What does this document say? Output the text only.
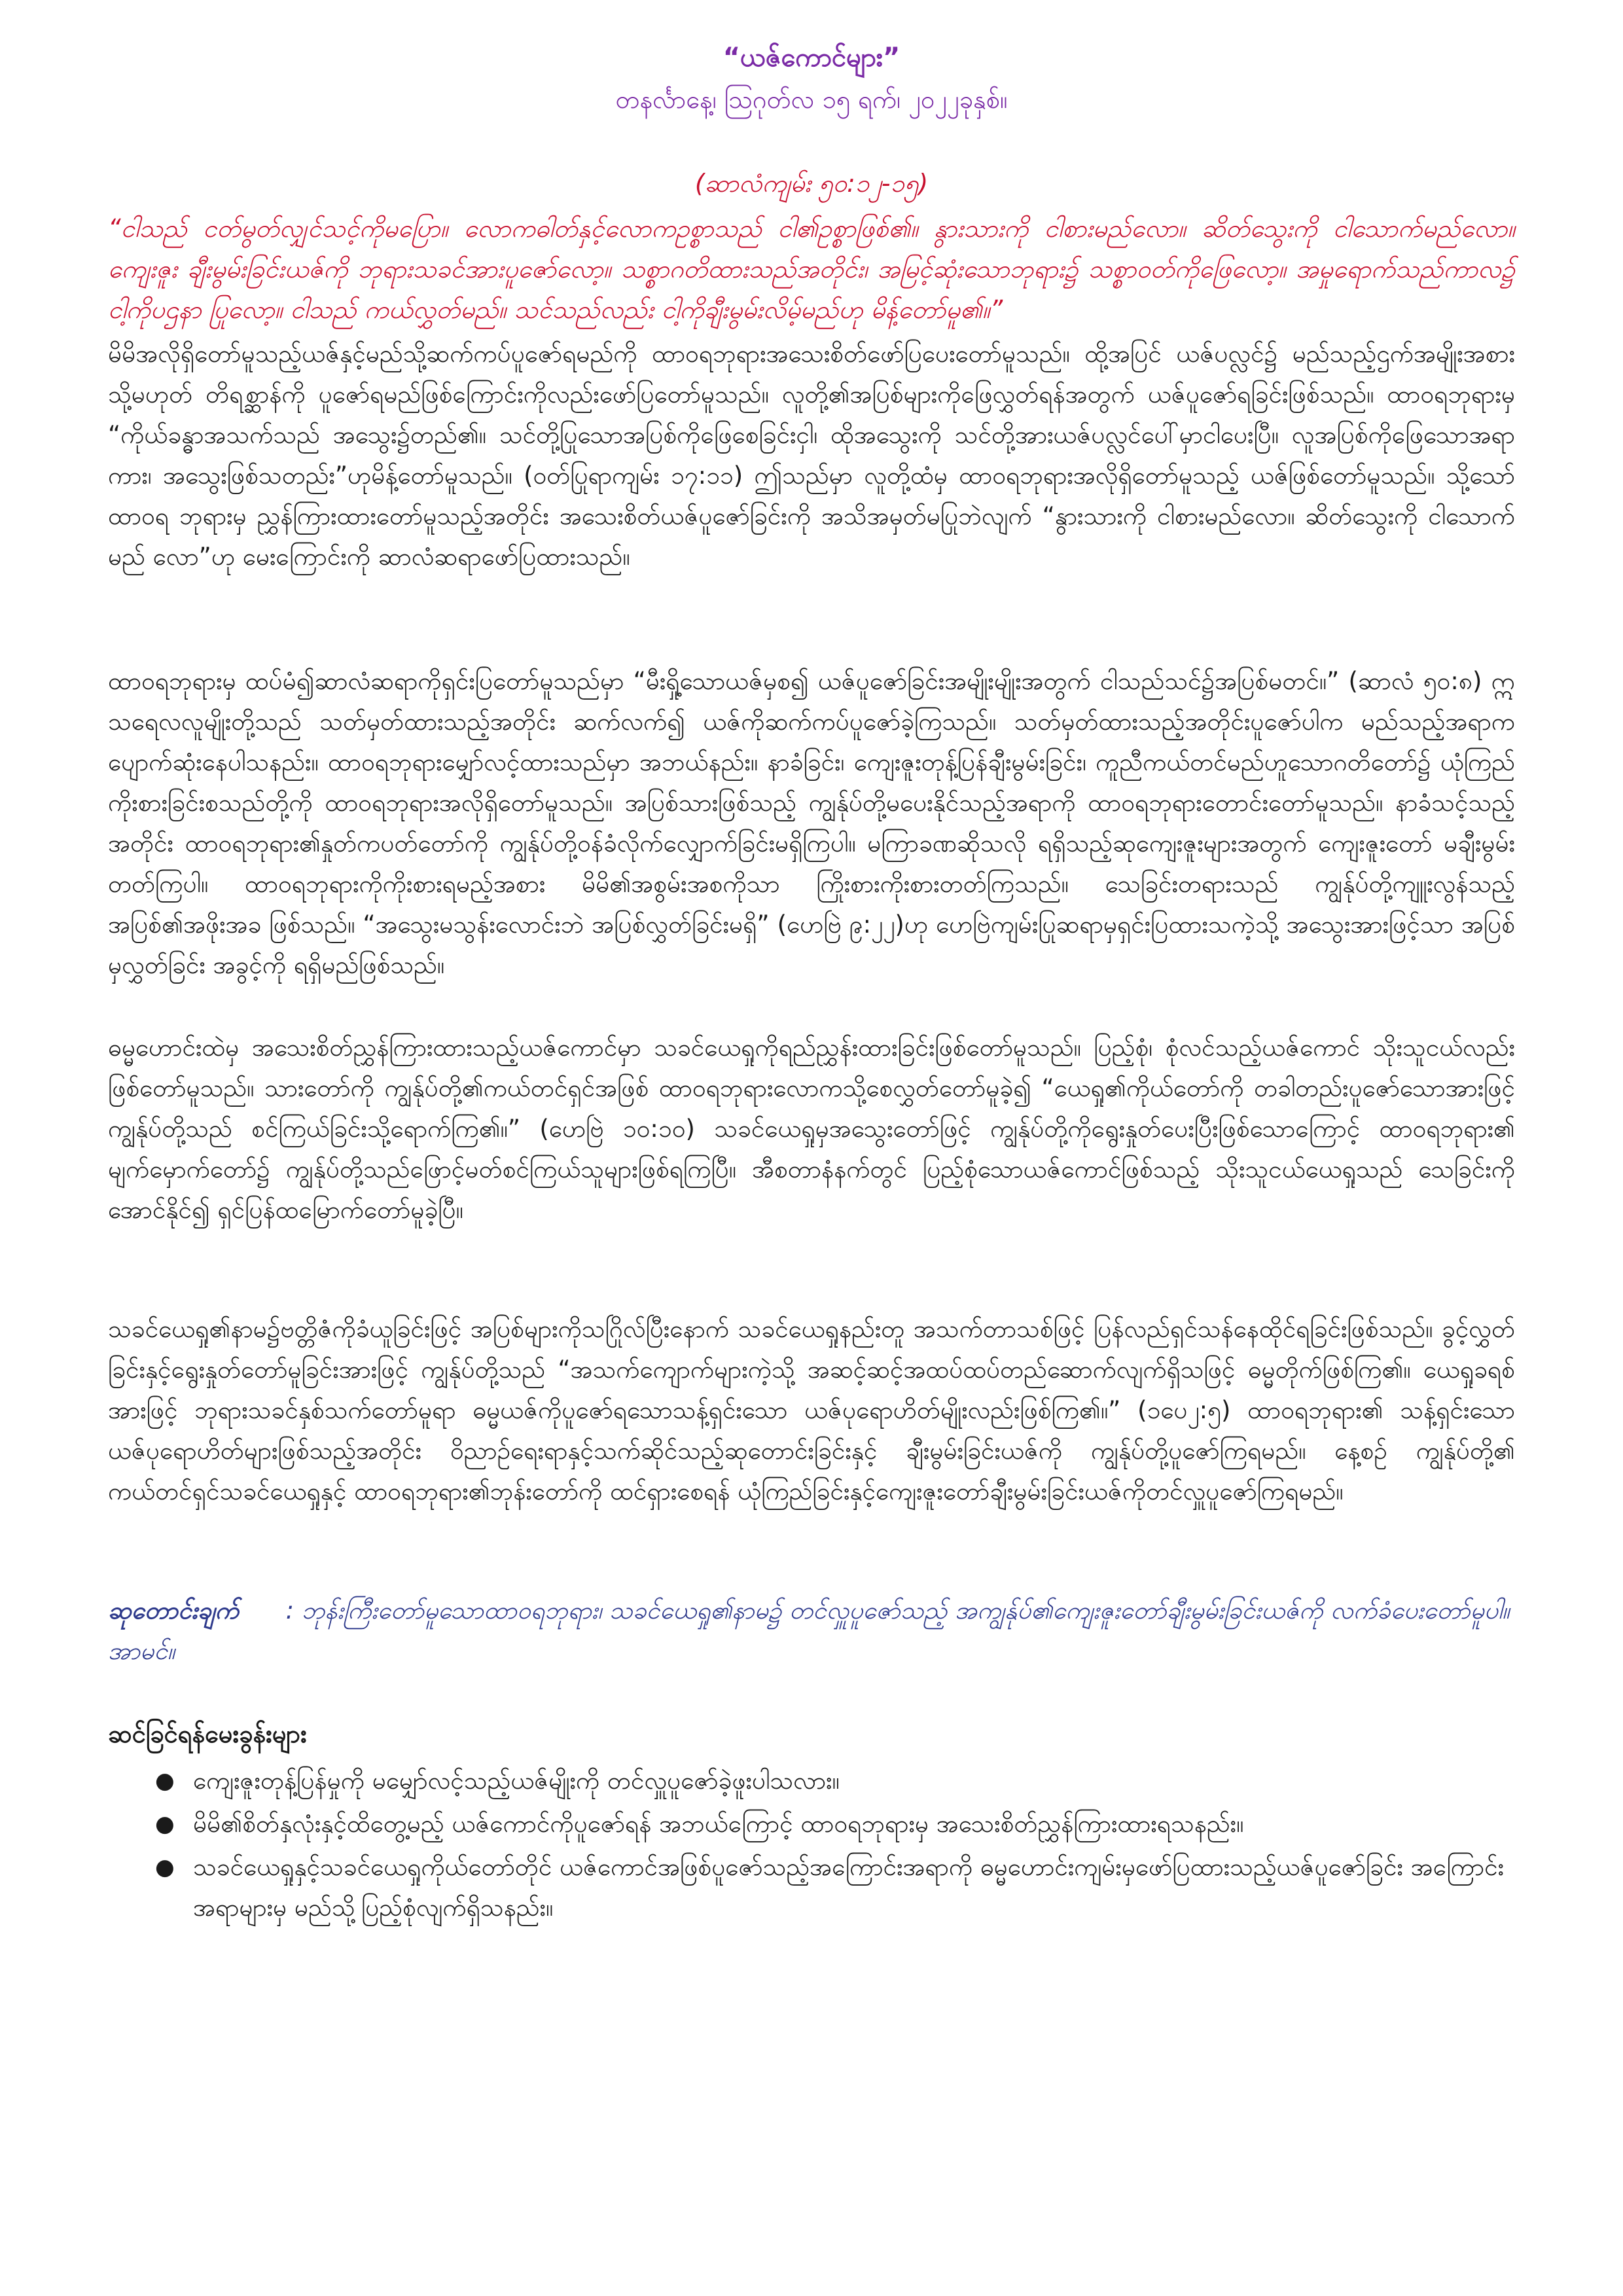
“ယဇ်ကောင်များ”
တနင်္လာနေ့၊ ဩဂုတ်လ ၁၅ ရက်၊ ၂၀၂၂ခုနှစ်။
(ဆာလံကျမ်း ၅၀:၁၂-၁၅)
“ငါသည် ငတ်မွတ်လျှင်သင့်ကိုမပြော။ လောကဓါတ်နှင့်လောကဥစ္စာသည် ငါ၏ဥစ္စာဖြစ်၏။ နွားသားကို ငါစားမည်လော။ ဆိတ်သွေးကို ငါသောက်မည်လော။ ကျေးဇူး ချီးမွမ်းခြင်းယဇ်ကို ဘုရားသခင်အားပူဇော်လော့။ သစ္စာဂတိထားသည်အတိုင်း၊ အမြင့်ဆုံးသောဘုရား၌ သစ္စာဝတ်ကိုဖြေလော့။ အမှုရောက်သည်ကာလ၌ ငါ့ကိုပဌနာ ပြုလော့။ ငါသည် ကယ်လွှတ်မည်။ သင်သည်လည်း ငါ့ကိုချီးမွမ်းလိမ့်မည်ဟု မိန့်တော်မူ၏။”
မိမိအလိုရှိတော်မူသည့်ယဇ်နှင့်မည်သို့ဆက်ကပ်ပူဇော်ရမည်ကို ထာဝရဘုရားအသေးစိတ်ဖော်ပြပေးတော်မူသည်။ ထို့အပြင် ယဇ်ပလ္လင်၌ မည်သည့်ဌက်အမျိုးအစား သို့မဟုတ် တိရစ္ဆာန်ကို ပူဇော်ရမည်ဖြစ်ကြောင်းကိုလည်းဖော်ပြတော်မူသည်။ လူတို့၏အပြစ်များကိုဖြေလွှတ်ရန်အတွက် ယဇ်ပူဇော်ရခြင်းဖြစ်သည်။ ထာဝရဘုရားမှ “ကိုယ်ခန္ဓာအသက်သည် အသွေး၌တည်၏။ သင်တို့ပြုသောအပြစ်ကိုဖြေစေခြင်းငှါ၊ ထိုအသွေးကို သင်တို့အားယဇ်ပလ္လင်ပေါ်မှာငါပေးပြီ။ လူအပြစ်ကိုဖြေသောအရာကား၊ အသွေးဖြစ်သတည်း”ဟုမိန့်တော်မူသည်။ (ဝတ်ပြုရာကျမ်း ၁၇:၁၁) ဤသည်မှာ လူတို့ထံမှ ထာဝရဘုရားအလိုရှိတော်မူသည့် ယဇ်ဖြစ်တော်မူသည်။ သို့သော် ထာဝရ ဘုရားမှ ညွှန်ကြားထားတော်မူသည့်အတိုင်း အသေးစိတ်ယဇ်ပူဇော်ခြင်းကို အသိအမှတ်မပြုဘဲလျက် “နွားသားကို ငါစားမည်လော။ ဆိတ်သွေးကို ငါသောက်မည် လော”ဟု မေးကြောင်းကို ဆာလံဆရာဖော်ပြထားသည်။
ထာဝရဘုရားမှ ထပ်မံ၍ဆာလံဆရာကိုရှင်းပြတော်မူသည်မှာ “မီးရှို့သောယဇ်မှစ၍ ယဇ်ပူဇော်ခြင်းအမျိုးမျိုးအတွက် ငါသည်သင်၌အပြစ်မတင်။” (ဆာလံ ၅၀:၈) ဣသရေလလူမျိုးတို့သည် သတ်မှတ်ထားသည့်အတိုင်း ဆက်လက်၍ ယဇ်ကိုဆက်ကပ်ပူဇော်ခဲ့ကြသည်။ သတ်မှတ်ထားသည့်အတိုင်းပူဇော်ပါက မည်သည့်အရာက ပျောက်ဆုံးနေပါသနည်း။ ထာဝရဘုရားမျှော်လင့်ထားသည်မှာ အဘယ်နည်း။ နာခံခြင်း၊ ကျေးဇူးတုန့်ပြန်ချီးမွမ်းခြင်း၊ ကူညီကယ်တင်မည်ဟူသောဂတိတော်၌ ယုံကြည် ကိုးစားခြင်းစသည်တို့ကို ထာဝရဘုရားအလိုရှိတော်မူသည်။ အပြစ်သားဖြစ်သည့် ကျွန်ုပ်တို့မပေးနိုင်သည့်အရာကို ထာဝရဘုရားတောင်းတော်မူသည်။ နာခံသင့်သည့် အတိုင်း ထာဝရဘုရား၏နှုတ်ကပတ်တော်ကို ကျွန်ုပ်တို့ဝန်ခံလိုက်လျှောက်ခြင်းမရှိကြပါ။ မကြာခဏဆိုသလို ရရှိသည့်ဆုကျေးဇူးများအတွက် ကျေးဇူးတော် မချီးမွမ်း တတ်ကြပါ။ ထာဝရဘုရားကိုကိုးစားရမည့်အစား မိမိ၏အစွမ်းအစကိုသာ ကြိုးစားကိုးစားတတ်ကြသည်။ သေခြင်းတရားသည် ကျွန်ုပ်တို့ကျူးလွန်သည့် အပြစ်၏အဖိုးအခ ဖြစ်သည်။ “အသွေးမသွန်းလောင်းဘဲ အပြစ်လွှတ်ခြင်းမရှိ” (ဟေဗြဲ ၉:၂၂)ဟု ဟေဗြဲကျမ်းပြုဆရာမှရှင်းပြထားသကဲ့သို့ အသွေးအားဖြင့်သာ အပြစ်မှလွှတ်ခြင်း အခွင့်ကို ရရှိမည်ဖြစ်သည်။
ဓမ္မဟောင်းထဲမှ အသေးစိတ်ညွှန်ကြားထားသည့်ယဇ်ကောင်မှာ သခင်ယေရှုကိုရည်ညွှန်းထားခြင်းဖြစ်တော်မူသည်။ ပြည့်စုံ၊ စုံလင်သည့်ယဇ်ကောင် သိုးသူငယ်လည်း ဖြစ်တော်မူသည်။ သားတော်ကို ကျွန်ုပ်တို့၏ကယ်တင်ရှင်အဖြစ် ထာဝရဘုရားလောကသို့စေလွှတ်တော်မူခဲ့၍ “ယေရှု၏ကိုယ်တော်ကို တခါတည်းပူဇော်သောအားဖြင့် ကျွန်ုပ်တို့သည် စင်ကြယ်ခြင်းသို့ရောက်ကြ၏။” (ဟေဗြဲ ၁၀:၁၀) သခင်ယေရှုမှအသွေးတော်ဖြင့် ကျွန်ုပ်တို့ကိုရွေးနှုတ်ပေးပြီးဖြစ်သောကြောင့် ထာဝရဘုရား၏ မျက်မှောက်တော်၌ ကျွန်ုပ်တို့သည်ဖြောင့်မတ်စင်ကြယ်သူများဖြစ်ရကြပြီ။ အီစတာနံနက်တွင် ပြည့်စုံသောယဇ်ကောင်ဖြစ်သည့် သိုးသူငယ်ယေရှုသည် သေခြင်းကို အောင်နိုင်၍ ရှင်ပြန်ထမြောက်တော်မူခဲ့ပြီ။
သခင်ယေရှု၏နာမ၌ဗတ္တိဇံကိုခံယူခြင်းဖြင့် အပြစ်များကိုသဂြိုလ်ပြီးနောက် သခင်ယေရှုနည်းတူ အသက်တာသစ်ဖြင့် ပြန်လည်ရှင်သန်နေထိုင်ရခြင်းဖြစ်သည်။ ခွင့်လွှတ် ခြင်းနှင့်ရွေးနှုတ်တော်မူခြင်းအားဖြင့် ကျွန်ုပ်တို့သည် “အသက်ကျောက်များကဲ့သို့ အဆင့်ဆင့်အထပ်ထပ်တည်ဆောက်လျက်ရှိသဖြင့် ဓမ္မတိုက်ဖြစ်ကြ၏။ ယေရှုခရစ်အားဖြင့် ဘုရားသခင်နှစ်သက်တော်မူရာ ဓမ္မယဇ်ကိုပူဇော်ရသောသန့်ရှင်းသော ယဇ်ပုရောဟိတ်မျိုးလည်းဖြစ်ကြ၏။” (၁ပေ၂:၅) ထာဝရဘုရား၏ သန့်ရှင်းသော ယဇ်ပုရောဟိတ်များဖြစ်သည့်အတိုင်း ဝိညာဉ်ရေးရာနှင့်သက်ဆိုင်သည့်ဆုတောင်းခြင်းနှင့် ချီးမွမ်းခြင်းယဇ်ကို ကျွန်ုပ်တို့ပူဇော်ကြရမည်။ နေ့စဉ် ကျွန်ုပ်တို့၏ ကယ်တင်ရှင်သခင်ယေရှုနှင့် ထာဝရဘုရား၏ဘုန်းတော်ကို ထင်ရှားစေရန် ယုံကြည်ခြင်းနှင့်ကျေးဇူးတော်ချီးမွမ်းခြင်းယဇ်ကိုတင်လှူပူဇော်ကြရမည်။
ဆုတောင်းချက် : ဘုန်းကြီးတော်မူသောထာဝရဘုရား၊ သခင်ယေရှု၏နာမ၌ တင်လှူပူဇော်သည့် အကျွန်ုပ်၏ကျေးဇူးတော်ချီးမွမ်းခြင်းယဇ်ကို လက်ခံပေးတော်မူပါ။ အာမင်။
ဆင်ခြင်ရန်မေးခွန်းများ
● ကျေးဇူးတုန့်ပြန်မှုကို မမျှော်လင့်သည့်ယဇ်မျိုးကို တင်လှူပူဇော်ခဲ့ဖူးပါသလား။
● မိမိ၏စိတ်နှလုံးနှင့်ထိတွေ့မည့် ယဇ်ကောင်ကိုပူဇော်ရန် အဘယ်ကြောင့် ထာဝရဘုရားမှ အသေးစိတ်ညွှန်ကြားထားရသနည်း။
● သခင်ယေရှုနှင့်သခင်ယေရှုကိုယ်တော်တိုင် ယဇ်ကောင်အဖြစ်ပူဇော်သည့်အကြောင်းအရာကို ဓမ္မဟောင်းကျမ်းမှဖော်ပြထားသည့်ယဇ်ပူဇော်ခြင်း အကြောင်း အရာများမှ မည်သို့ပြည့်စုံလျက်ရှိသနည်း။
